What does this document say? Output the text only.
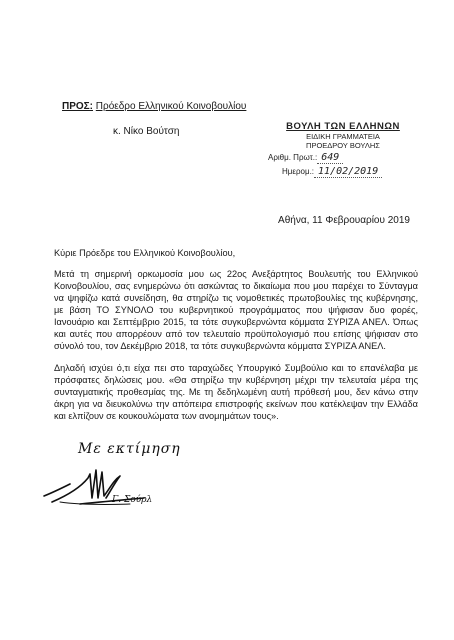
ΠΡΟΣ: Πρόεδρο Ελληνικού Κοινοβουλίου
κ. Νίκο Βούτση	ΒΟΥΛΗ ΤΩΝ ΕΛΛΗΝΩΝ
ΕΙΔΙΚΗ ΓΡΑΜΜΑΤΕΙΑ
ΠΡΟΕΔΡΟΥ ΒΟΥΛΗΣ
Αριθμ. Πρωτ.: 649
Ημερομ.: 11/02/2019
Αθήνα, 11 Φεβρουαρίου 2019

Κύριε Πρόεδρε του Ελληνικού Κοινοβουλίου,

Μετά τη σημερινή ορκωμοσία μου ως 22ος Ανεξάρτητος Βουλευτής του Ελληνικού Κοινοβουλίου, σας ενημερώνω ότι ασκώντας το δικαίωμα που μου παρέχει το Σύνταγμα να ψηφίζω κατά συνείδηση, θα στηρίζω τις νομοθετικές πρωτοβουλίες της κυβέρνησης, με βάση ΤΟ ΣΥΝΟΛΟ του κυβερνητικού προγράμματος που ψήφισαν δυο φορές, Ιανουάριο και Σεπτέμβριο 2015, τα τότε συγκυβερνώντα κόμματα ΣΥΡΙΖΑ ΑΝΕΛ. Όπως και αυτές που απορρέουν από τον τελευταίο προϋπολογισμό που επίσης ψήφισαν στο σύνολό του, τον Δεκέμβριο 2018, τα τότε συγκυβερνώντα κόμματα ΣΥΡΙΖΑ ΑΝΕΛ.

Δηλαδή ισχύει ό,τι είχα πει στο ταραχώδες Υπουργικό Συμβούλιο και το επανέλαβα με πρόσφατες δηλώσεις μου. «Θα στηρίξω την κυβέρνηση μέχρι την τελευταία μέρα της συνταγματικής προθεσμίας της. Με τη δεδηλωμένη αυτή πρόθεσή μου, δεν κάνω στην άκρη για να διευκολύνω την απόπειρα επιστροφής εκείνων που κατέκλεψαν την Ελλάδα και ελπίζουν σε κουκουλώματα των ανομημάτων τους».

Με εκτίμηση
Γ. Σούρλ
